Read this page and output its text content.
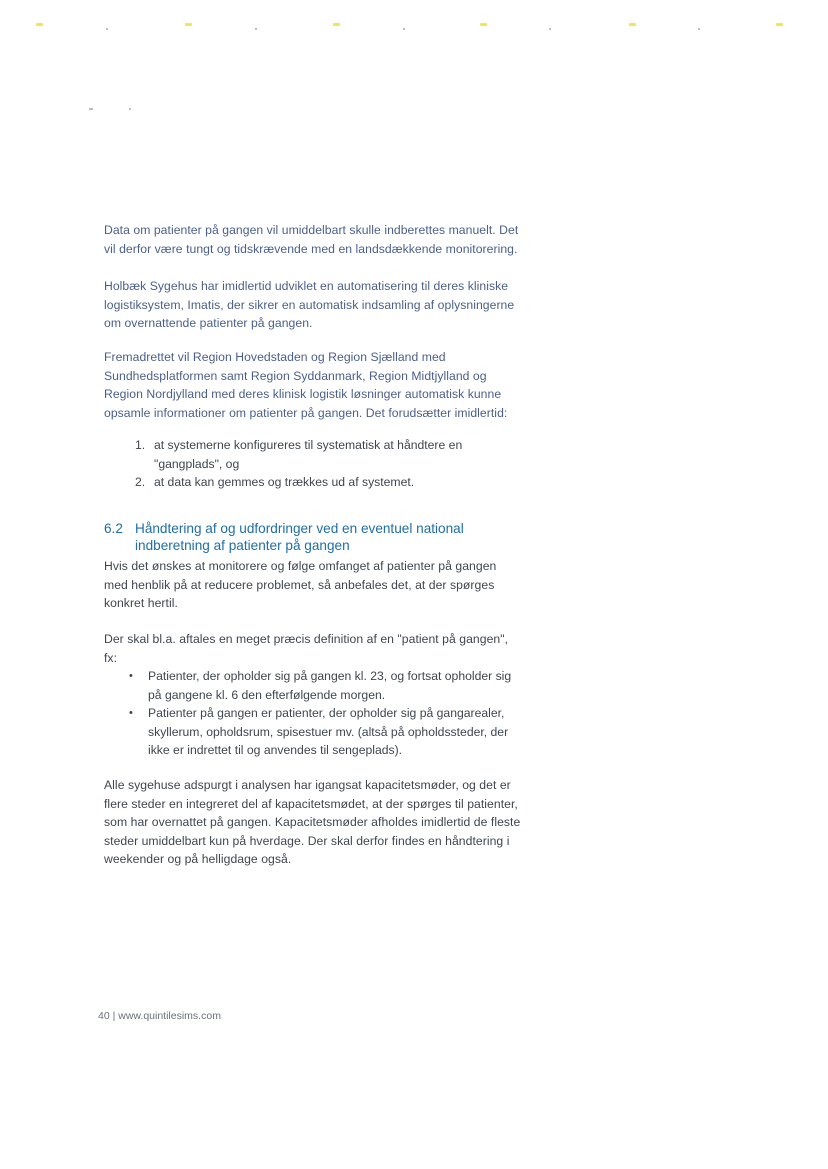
Data om patienter på gangen vil umiddelbart skulle indberettes manuelt. Det
vil derfor være tungt og tidskrævende med en landsdækkende monitorering.

Holbæk Sygehus har imidlertid udviklet en automatisering til deres kliniske
logistiksystem, Imatis, der sikrer en automatisk indsamling af oplysningerne
om overnattende patienter på gangen.

Fremadrettet vil Region Hovedstaden og Region Sjælland med
Sundhedsplatformen samt Region Syddanmark, Region Midtjylland og
Region Nordjylland med deres klinisk logistik løsninger automatisk kunne
opsamle informationer om patienter på gangen. Det forudsætter imidlertid:

1. at systemerne konfigureres til systematisk at håndtere en
"gangplads", og
2. at data kan gemmes og trækkes ud af systemet.
6.2 Håndtering af og udfordringer ved en eventuel national
indberetning af patienter på gangen

Hvis det ønskes at monitorere og følge omfanget af patienter på gangen
med henblik på at reducere problemet, så anbefales det, at der spørges
konkret hertil.

Der skal bl.a. aftales en meget præcis definition af en "patient på gangen",
fx:

• Patienter, der opholder sig på gangen kl. 23, og fortsat opholder sig
på gangene kl. 6 den efterfølgende morgen.
• Patienter på gangen er patienter, der opholder sig på gangarealer,
skyllerum, opholdsrum, spisestuer mv. (altså på opholdssteder, der
ikke er indrettet til og anvendes til sengeplads).

Alle sygehuse adspurgt i analysen har igangsat kapacitetsmøder, og det er
flere steder en integreret del af kapacitetsmødet, at der spørges til patienter,
som har overnattet på gangen. Kapacitetsmøder afholdes imidlertid de fleste
steder umiddelbart kun på hverdage. Der skal derfor findes en håndtering i
weekender og på helligdage også.

40 | www.quintilesims.com
